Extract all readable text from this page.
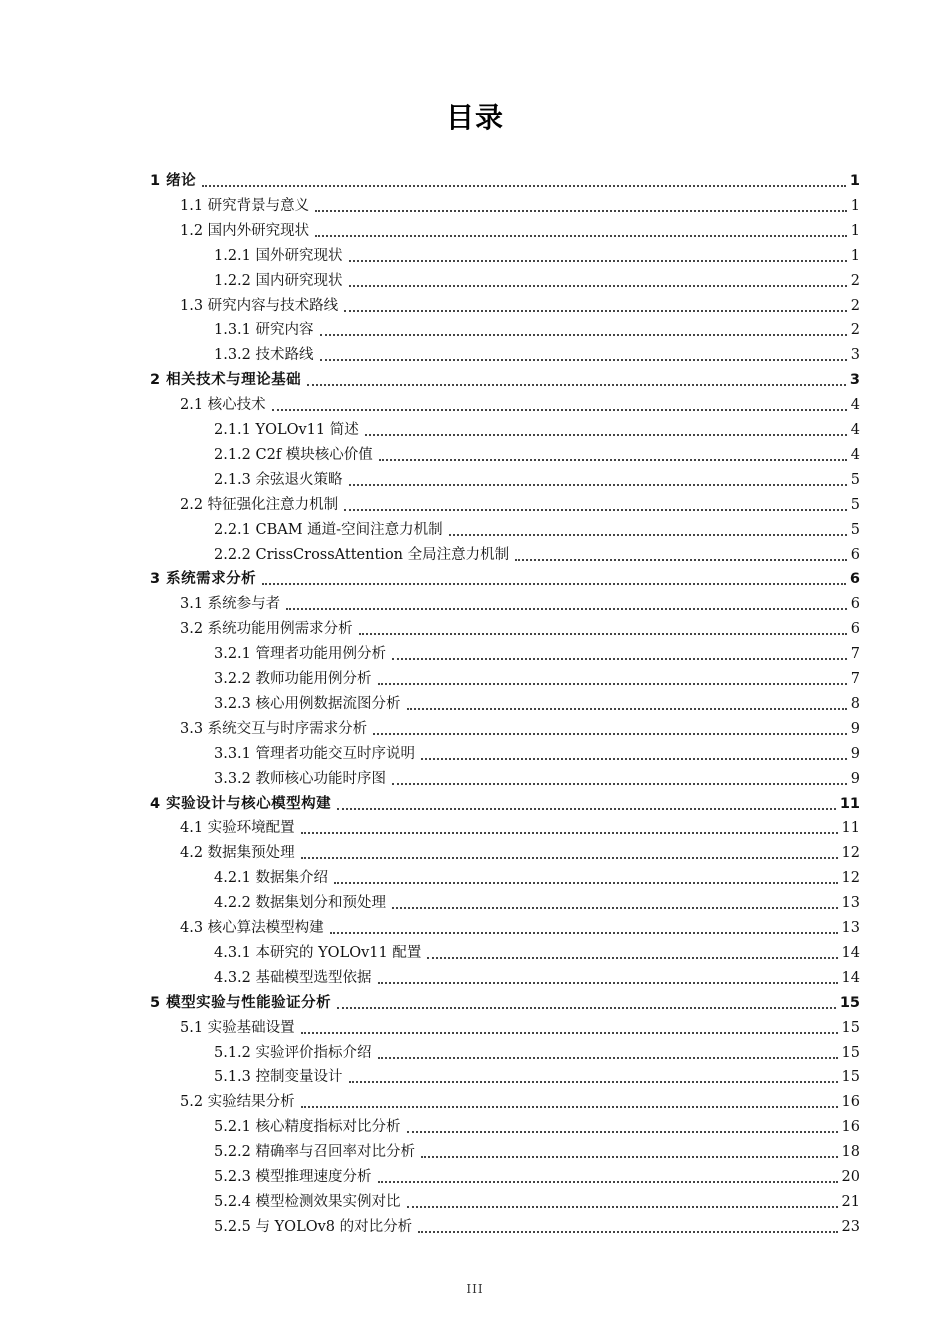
目录
1 绪论	1
1.1 研究背景与意义	1
1.2 国内外研究现状	1
1.2.1 国外研究现状	1
1.2.2 国内研究现状	2
1.3 研究内容与技术路线	2
1.3.1 研究内容	2
1.3.2 技术路线	3
2 相关技术与理论基础	3
2.1 核心技术	4
2.1.1 YOLOv11 简述	4
2.1.2 C2f 模块核心价值	4
2.1.3 余弦退火策略	5
2.2 特征强化注意力机制	5
2.2.1 CBAM 通道-空间注意力机制	5
2.2.2 CrissCrossAttention 全局注意力机制	6
3 系统需求分析	6
3.1 系统参与者	6
3.2 系统功能用例需求分析	6
3.2.1 管理者功能用例分析	7
3.2.2 教师功能用例分析	7
3.2.3 核心用例数据流图分析	8
3.3 系统交互与时序需求分析	9
3.3.1 管理者功能交互时序说明	9
3.3.2 教师核心功能时序图	9
4 实验设计与核心模型构建	11
4.1 实验环境配置	11
4.2 数据集预处理	12
4.2.1 数据集介绍	12
4.2.2 数据集划分和预处理	13
4.3 核心算法模型构建	13
4.3.1 本研究的 YOLOv11 配置	14
4.3.2 基础模型选型依据	14
5 模型实验与性能验证分析	15
5.1 实验基础设置	15
5.1.2 实验评价指标介绍	15
5.1.3 控制变量设计	15
5.2 实验结果分析	16
5.2.1 核心精度指标对比分析	16
5.2.2 精确率与召回率对比分析	18
5.2.3 模型推理速度分析	20
5.2.4 模型检测效果实例对比	21
5.2.5 与 YOLOv8 的对比分析	23
III
